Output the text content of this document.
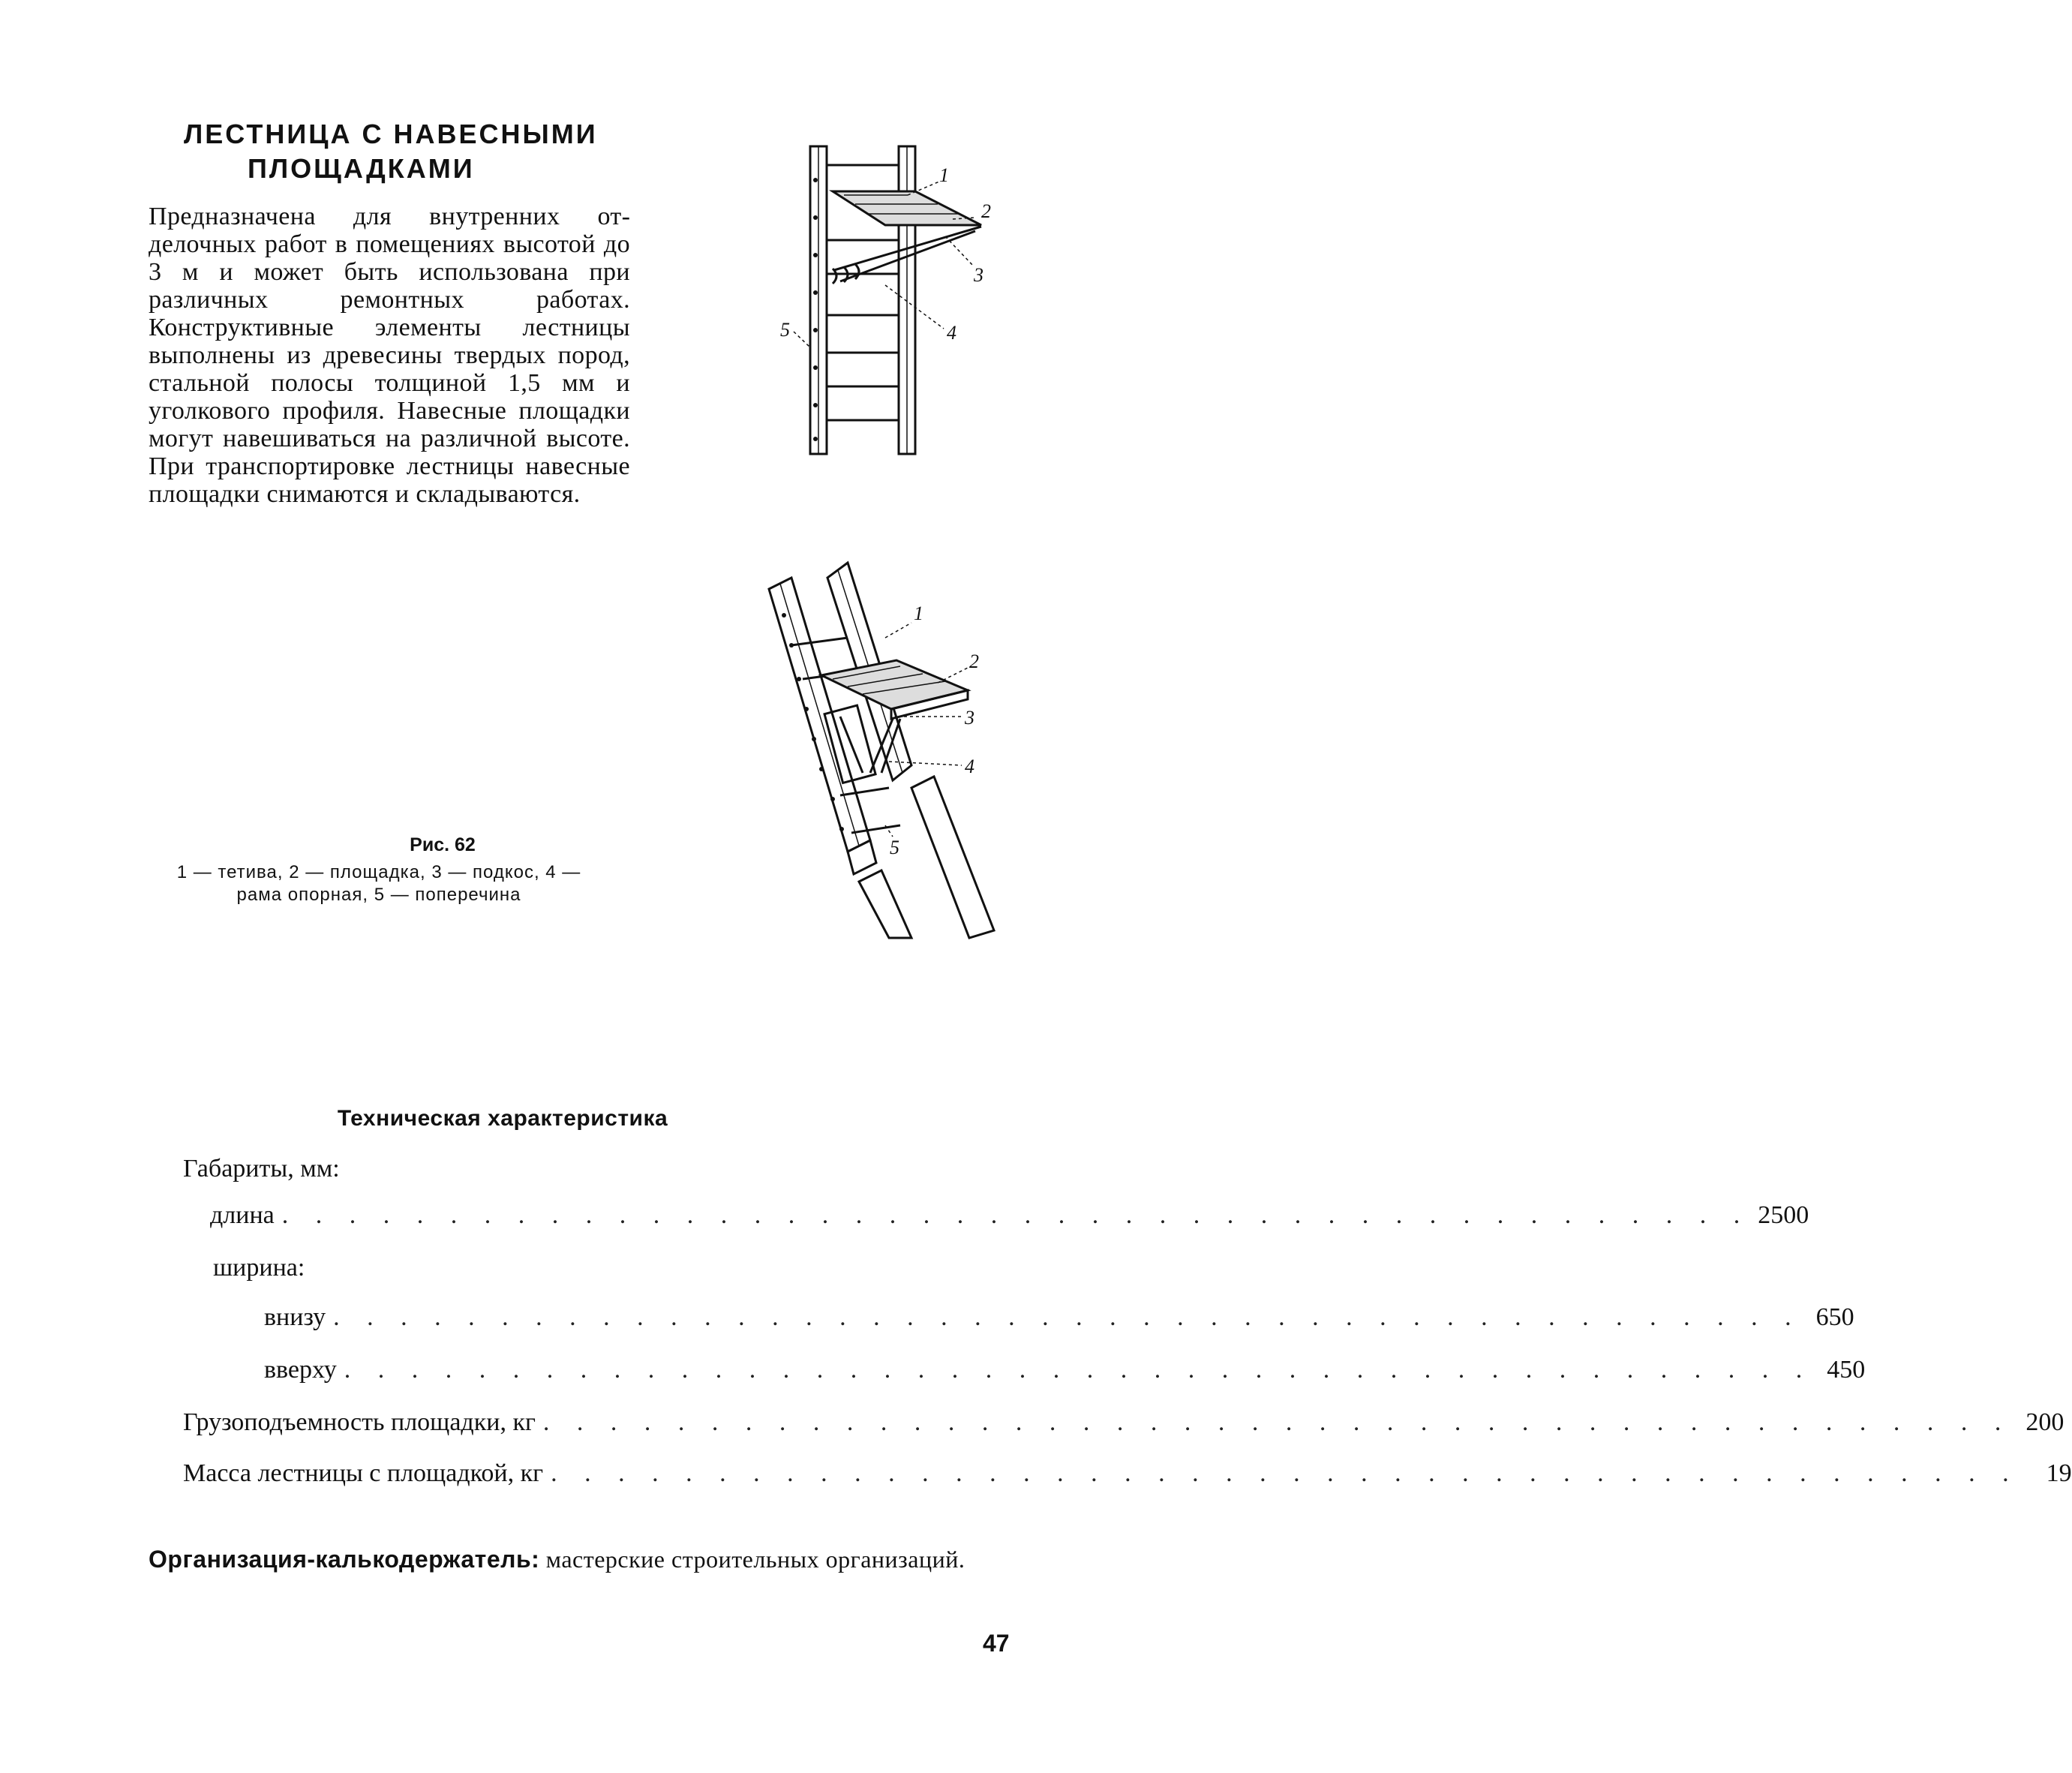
ЛЕСТНИЦА С НАВЕСНЫМИ
ПЛОЩАДКАМИ
Предназначена для внутренних отделочных работ в помещениях высотой до 3 м и может быть использована при различных ремонтных работах. Конструктивные элементы лестницы выполнены из древесины твердых пород, стальной полосы толщиной 1,5 мм и уголкового профиля. Навесные площадки могут навешиваться на различной высоте. При транспортировке лестницы навесные площадки снимаются и складываются.
1
2
3
4
5
1
2
3
4
5
Рис. 62
1 — тетива, 2 — площадка, 3 — подкос, 4 — рама опорная, 5 — поперечина
Техническая характеристика
Габариты, мм:
длина . . . . . . . . . . . . . . . . . . . . . . . . . . . . . . . . . . . . . . . . . . . . 2500
ширина:
внизу . . . . . . . . . . . . . . . . . . . . . . . . . . . . . . . . . . . . . . . . . . . . 650
вверху . . . . . . . . . . . . . . . . . . . . . . . . . . . . . . . . . . . . . . . . . . . . 450
Грузоподъемность площадки, кг . . . . . . . . . . . . . . . . . . . . . . . . . . . . . . . . . . . . . . . . . . . . 200
Масса лестницы с площадкой, кг . . . . . . . . . . . . . . . . . . . . . . . . . . . . . . . . . . . . . . . . . . . .	19
Организация-калькодержатель: мастерские строительных организаций.
47
